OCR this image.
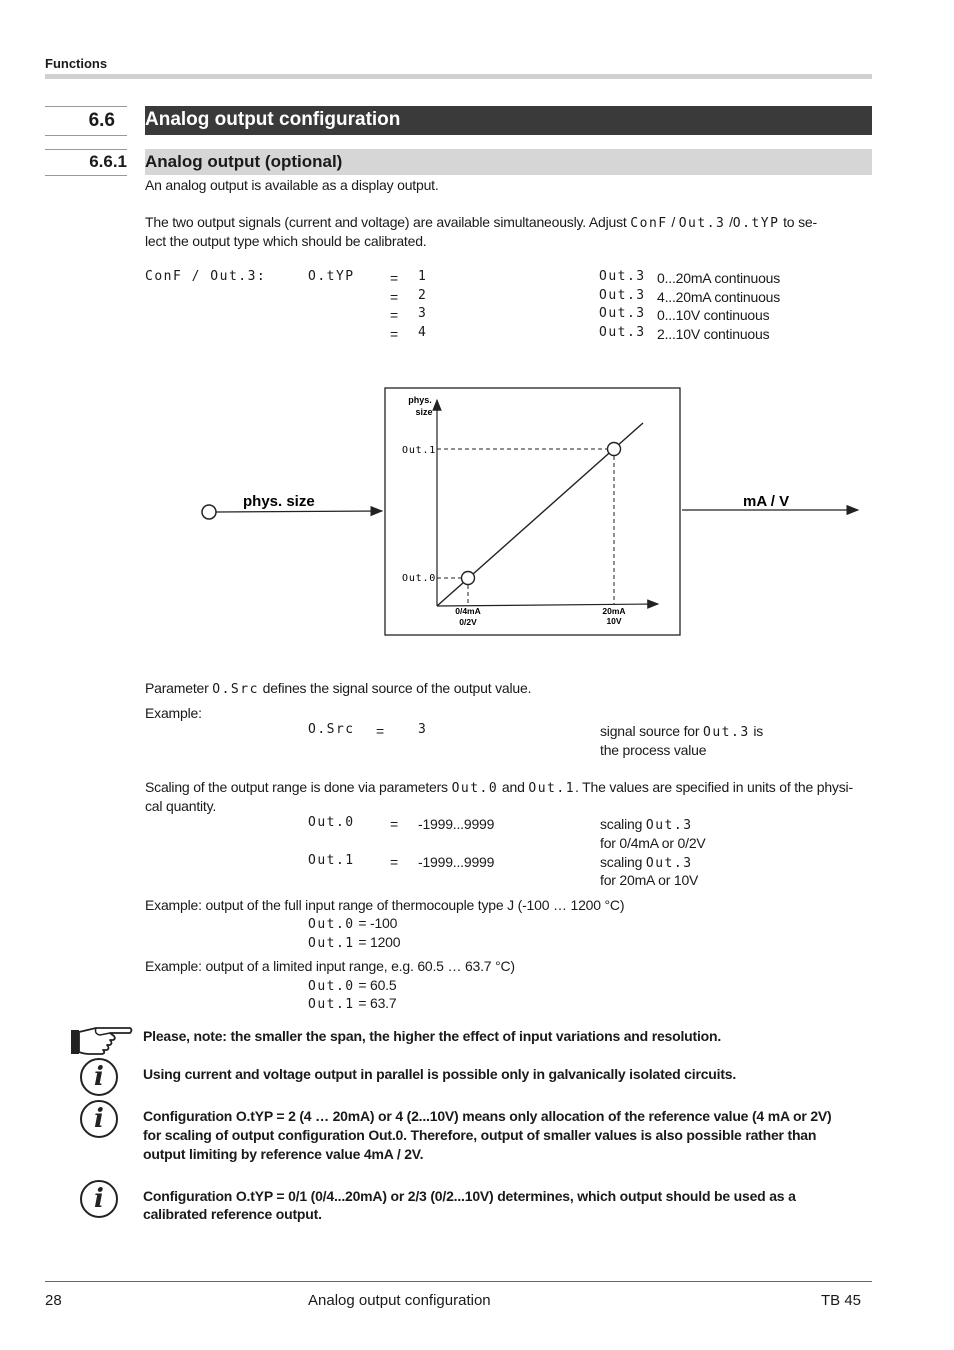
Functions
6.6 Analog output configuration
6.6.1 Analog output (optional)
An analog output is available as a display output.
The two output signals (current and voltage) are available simultaneously. Adjust ConF / Out.3 /O.tYP to se-
lect the output type which should be calibrated.
ConF / Out.3:	O.tYP	= 1	Out.3 0...20mA continuous
= 2	Out.3 4...20mA continuous
= 3	Out.3 0...10V continuous
= 4	Out.3 2...10V continuous
phys. size	mA / V
phys.
size
Out.1
Out.0
0/4mA
0/2V
20mA
10V
Parameter O.Src defines the signal source of the output value.
Example:
O.Src =	3	signal source for Out.3 is
the process value
Scaling of the output range is done via parameters Out.0 and Out.1. The values are specified in units of the physi-
cal quantity.
Out.0	= -1999...9999	scaling Out.3
for 0/4mA or 0/2V
Out.1	= -1999...9999	scaling Out.3
for 20mA or 10V
Example: output of the full input range of thermocouple type J (-100 … 1200 °C)
Out.0 = -100
Out.1 = 1200
Example: output of a limited input range, e.g. 60.5 … 63.7 °C)
Out.0 = 60.5
Out.1 = 63.7
Please, note: the smaller the span, the higher the effect of input variations and resolution.
i	Using current and voltage output in parallel is possible only in galvanically isolated circuits.
i	Configuration O.tYP = 2 (4 … 20mA) or 4 (2...10V) means only allocation of the reference value (4 mA or 2V)
for scaling of output configuration Out.0. Therefore, output of smaller values is also possible rather than
output limiting by reference value 4mA / 2V.
i	Configuration O.tYP = 0/1 (0/4...20mA) or 2/3 (0/2...10V) determines, which output should be used as a
calibrated reference output.
28	Analog output configuration	TB 45
